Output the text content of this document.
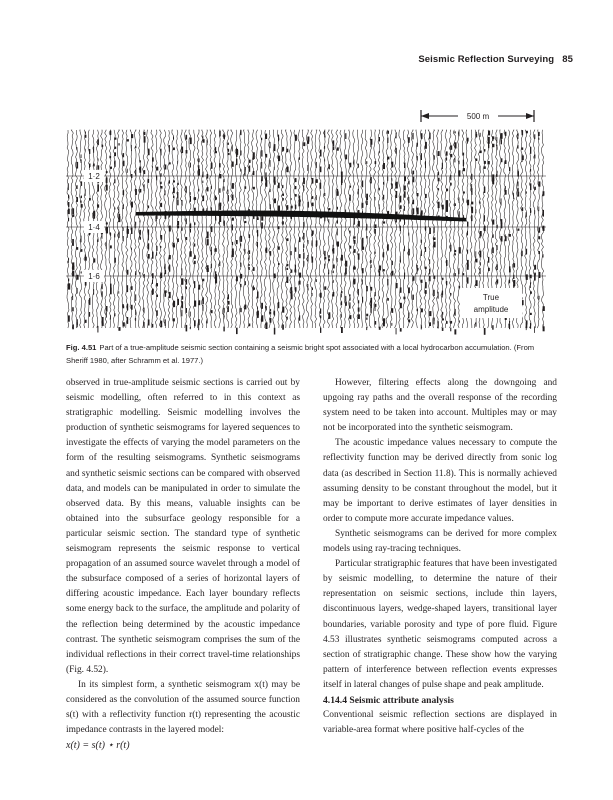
Seismic Reflection Surveying 85
500 m
1·2
1·4
1·6
True
amplitude
Fig. 4.51 Part of a true-amplitude seismic section containing a seismic bright spot associated with a local hydrocarbon accumulation. (From Sheriff 1980, after Schramm et al. 1977.)

observed in true-amplitude seismic sections is carried out by seismic modelling, often referred to in this context as stratigraphic modelling. Seismic modelling involves the production of synthetic seismograms for layered sequences to investigate the effects of varying the model parameters on the form of the resulting seismograms. Synthetic seismograms and synthetic seismic sections can be compared with observed data, and models can be manipulated in order to simulate the observed data. By this means, valuable insights can be obtained into the subsurface geology responsible for a particular seismic section. The standard type of synthetic seismogram represents the seismic response to vertical propagation of an assumed source wavelet through a model of the subsurface composed of a series of horizontal layers of differing acoustic impedance. Each layer boundary reflects some energy back to the surface, the amplitude and polarity of the reflection being determined by the acoustic impedance contrast. The synthetic seismogram comprises the sum of the individual reflections in their correct travel-time relationships (Fig. 4.52).

In its simplest form, a synthetic seismogram x(t) may be considered as the convolution of the assumed source function s(t) with a reflectivity function r(t) representing the acoustic impedance contrasts in the layered model:

x(t) = s(t) ⋆ r(t)

However, filtering effects along the downgoing and upgoing ray paths and the overall response of the recording system need to be taken into account. Multiples may or may not be incorporated into the synthetic seismogram.

The acoustic impedance values necessary to compute the reflectivity function may be derived directly from sonic log data (as described in Section 11.8). This is normally achieved assuming density to be constant throughout the model, but it may be important to derive estimates of layer densities in order to compute more accurate impedance values.

Synthetic seismograms can be derived for more complex models using ray-tracing techniques.

Particular stratigraphic features that have been investigated by seismic modelling, to determine the nature of their representation on seismic sections, include thin layers, discontinuous layers, wedge-shaped layers, transitional layer boundaries, variable porosity and type of pore fluid. Figure 4.53 illustrates synthetic seismograms computed across a section of stratigraphic change. These show how the varying pattern of interference between reflection events expresses itself in lateral changes of pulse shape and peak amplitude.

4.14.4 Seismic attribute analysis

Conventional seismic reflection sections are displayed in variable-area format where positive half-cycles of the
